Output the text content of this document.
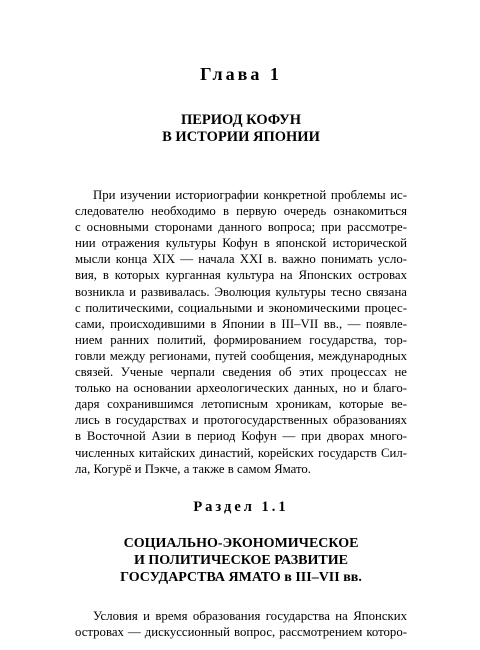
Глава 1
ПЕРИОД КОФУН
В ИСТОРИИ ЯПОНИИ
При изучении историографии конкретной проблемы ис-
следователю необходимо в первую очередь ознакомиться
с основными сторонами данного вопроса; при рассмотре-
нии отражения культуры Кофун в японской исторической
мысли конца XIX — начала XXI в. важно понимать усло-
вия, в которых курганная культура на Японских островах
возникла и развивалась. Эволюция культуры тесно связана
с политическими, социальными и экономическими процес-
сами, происходившими в Японии в III–VII вв., — появле-
нием ранних политий, формированием государства, тор-
говли между регионами, путей сообщения, международных
связей. Ученые черпали сведения об этих процессах не
только на основании археологических данных, но и благо-
даря сохранившимся летописным хроникам, которые ве-
лись в государствах и протогосударственных образованиях
в Восточной Азии в период Кофун — при дворах много-
численных китайских династий, корейских государств Сил-
ла, Когурё и Пэкче, а также в самом Ямато.
Раздел 1.1
СОЦИАЛЬНО-ЭКОНОМИЧЕСКОЕ
И ПОЛИТИЧЕСКОЕ РАЗВИТИЕ
ГОСУДАРСТВА ЯМАТО в III–VII вв.
Условия и время образования государства на Японских
островах — дискуссионный вопрос, рассмотрением которо-
